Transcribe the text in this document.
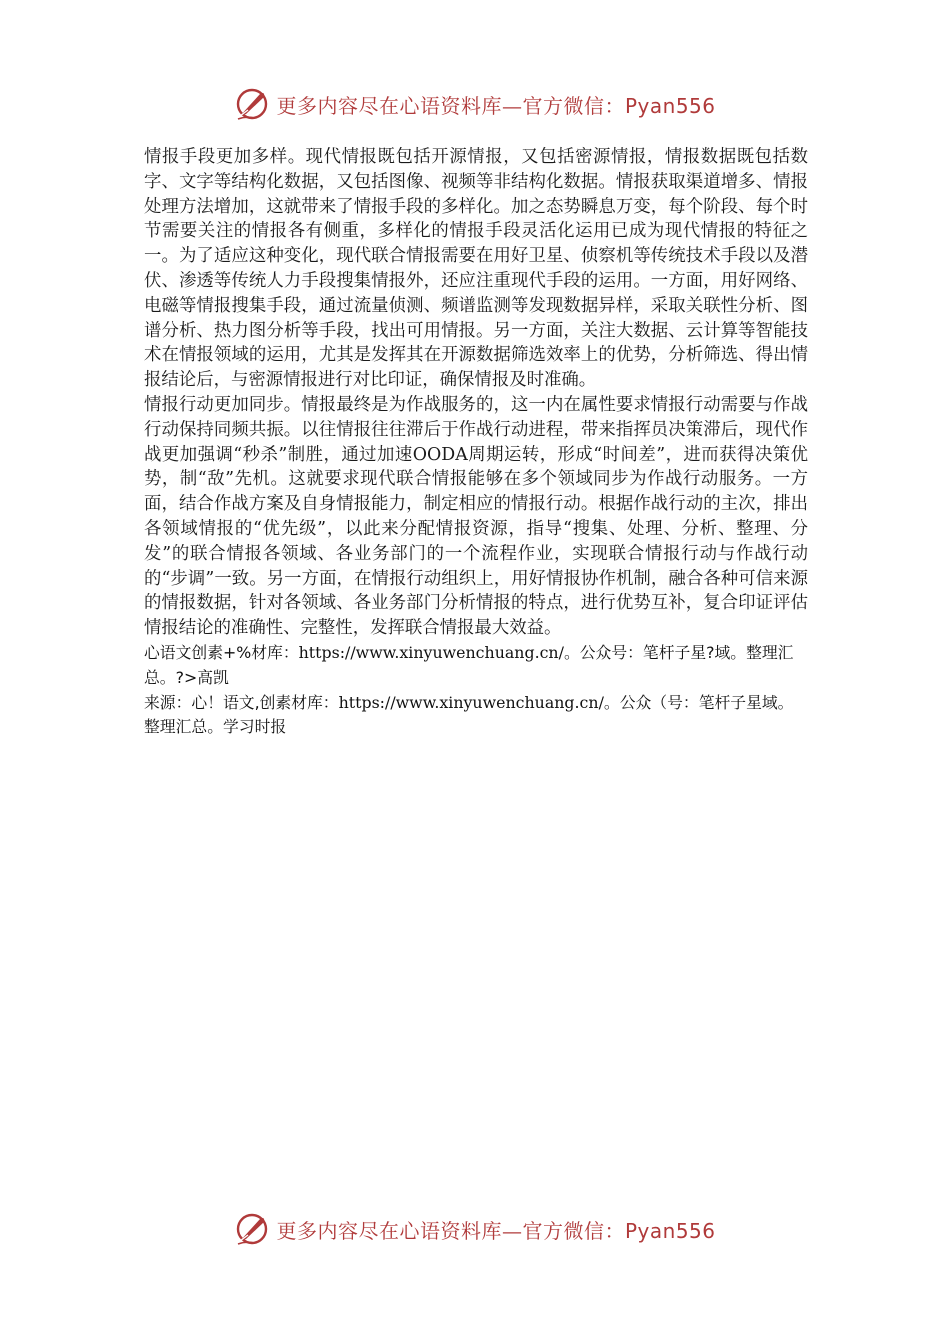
更多内容尽在心语资料库—官方微信：Pyan556

情报手段更加多样。现代情报既包括开源情报，又包括密源情报，情报数据既包括数字、文字等结构化数据，又包括图像、视频等非结构化数据。情报获取渠道增多、情报处理方法增加，这就带来了情报手段的多样化。加之态势瞬息万变，每个阶段、每个时节需要关注的情报各有侧重，多样化的情报手段灵活化运用已成为现代情报的特征之一。为了适应这种变化，现代联合情报需要在用好卫星、侦察机等传统技术手段以及潜伏、渗透等传统人力手段搜集情报外，还应注重现代手段的运用。一方面，用好网络、电磁等情报搜集手段，通过流量侦测、频谱监测等发现数据异样，采取关联性分析、图谱分析、热力图分析等手段，找出可用情报。另一方面，关注大数据、云计算等智能技术在情报领域的运用，尤其是发挥其在开源数据筛选效率上的优势，分析筛选、得出情报结论后，与密源情报进行对比印证，确保情报及时准确。

情报行动更加同步。情报最终是为作战服务的，这一内在属性要求情报行动需要与作战行动保持同频共振。以往情报往往滞后于作战行动进程，带来指挥员决策滞后，现代作战更加强调“秒杀”制胜，通过加速OODA周期运转，形成“时间差”，进而获得决策优势，制“敌”先机。这就要求现代联合情报能够在多个领域同步为作战行动服务。一方面，结合作战方案及自身情报能力，制定相应的情报行动。根据作战行动的主次，排出各领域情报的“优先级”，以此来分配情报资源，指导“搜集、处理、分析、整理、分发”的联合情报各领域、各业务部门的一个流程作业，实现联合情报行动与作战行动的“步调”一致。另一方面，在情报行动组织上，用好情报协作机制，融合各种可信来源的情报数据，针对各领域、各业务部门分析情报的特点，进行优势互补，复合印证评估情报结论的准确性、完整性，发挥联合情报最大效益。

心语文创素+%材库：https://www.xinyuwenchuang.cn/。公众号：笔杆子星?域。整理汇总。?>高凯

来源：心！语文,创素材库：https://www.xinyuwenchuang.cn/。公众（号：笔杆子星域。整理汇总。学习时报

更多内容尽在心语资料库—官方微信：Pyan556
